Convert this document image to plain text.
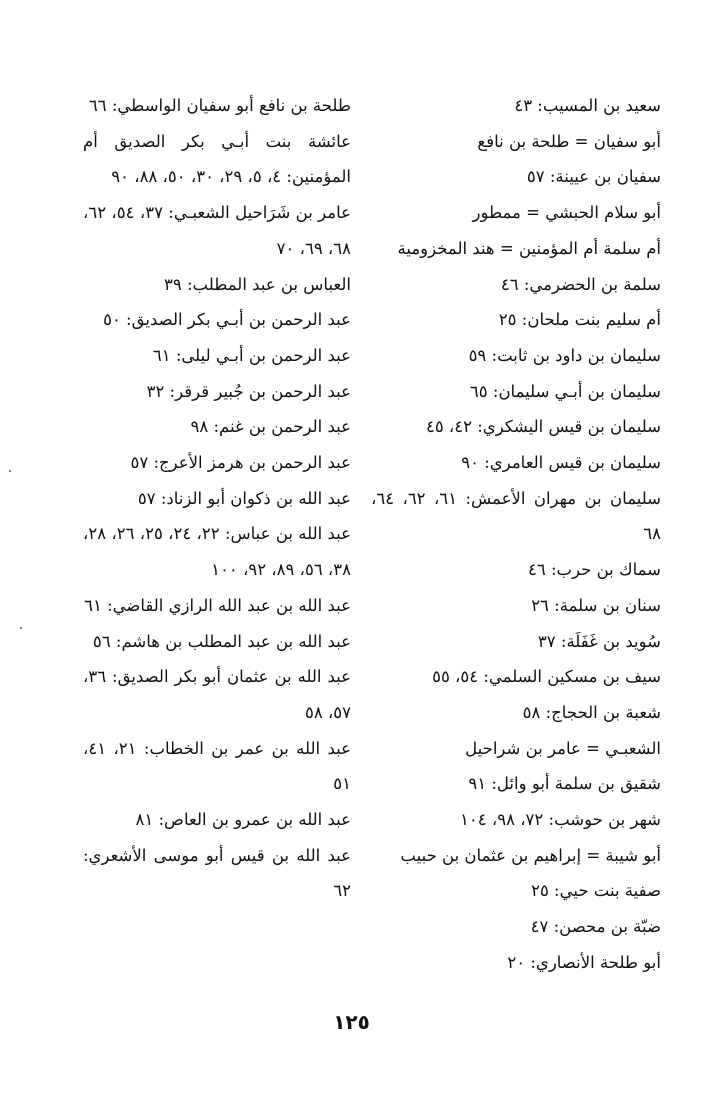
سعيد بن المسيب: ٤٣

أبو سفيان = طلحة بن نافع

سفيان بن عيينة: ٥٧

أبو سلام الحبشي = ممطور

أم سلمة أم المؤمنين = هند المخزومية

سلمة بن الحضرمي: ٤٦

أم سليم بنت ملحان: ٢٥

سليمان بن داود بن ثابت: ٥٩

سليمان بن أبـي سليمان: ٦٥

سليمان بن قيس اليشكري: ٤٢، ٤٥

سليمان بن قيس العامري: ٩٠

سليمان بن مهران الأعمش: ٦١، ٦٢، ٦٤، ٦٨

سماك بن حرب: ٤٦

سنان بن سلمة: ٢٦

سُويد بن غَفَلَة: ٣٧

سيف بن مسكين السلمي: ٥٤، ٥٥

شعبة بن الحجاج: ٥٨

الشعبـي = عامر بن شراحيل

شقيق بن سلمة أبو وائل: ٩١

شهر بن حوشب: ٧٢، ٩٨، ١٠٤

أبو شيبة = إبراهيم بن عثمان بن حبيب

صفية بنت حيي: ٢٥

ضبّة بن محصن: ٤٧

أبو طلحة الأنصاري: ٢٠

طلحة بن نافع أبو سفيان الواسطي: ٦٦

عائشة بنت أبـي بكر الصديق أم المؤمنين: ٤، ٥، ٢٩، ٣٠، ٥٠، ٨٨، ٩٠

عامر بن شَرَاحيل الشعبـي: ٣٧، ٥٤، ٦٢، ٦٨، ٦٩، ٧٠

العباس بن عبد المطلب: ٣٩

عبد الرحمن بن أبـي بكر الصديق: ٥٠

عبد الرحمن بن أبـي ليلى: ٦١

عبد الرحمن بن جُبير قرقر: ٣٢

عبد الرحمن بن غنم: ٩٨

عبد الرحمن بن هرمز الأعرج: ٥٧

عبد الله بن ذكوان أبو الزناد: ٥٧

عبد الله بن عباس: ٢٢، ٢٤، ٢٥، ٢٦، ٢٨، ٣٨، ٥٦، ٨٩، ٩٢، ١٠٠

عبد الله بن عبد الله الرازي القاضي: ٦١

عبد الله بن عبد المطلب بن هاشم: ٥٦

عبد الله بن عثمان أبو بكر الصديق: ٣٦، ٥٧، ٥٨

عبد الله بن عمر بن الخطاب: ٢١، ٤١، ٥١

عبد الله بن عمرو بن العاص: ٨١

عبد الله بن قيس أبو موسى الأشعري: ٦٢

١٢٥
